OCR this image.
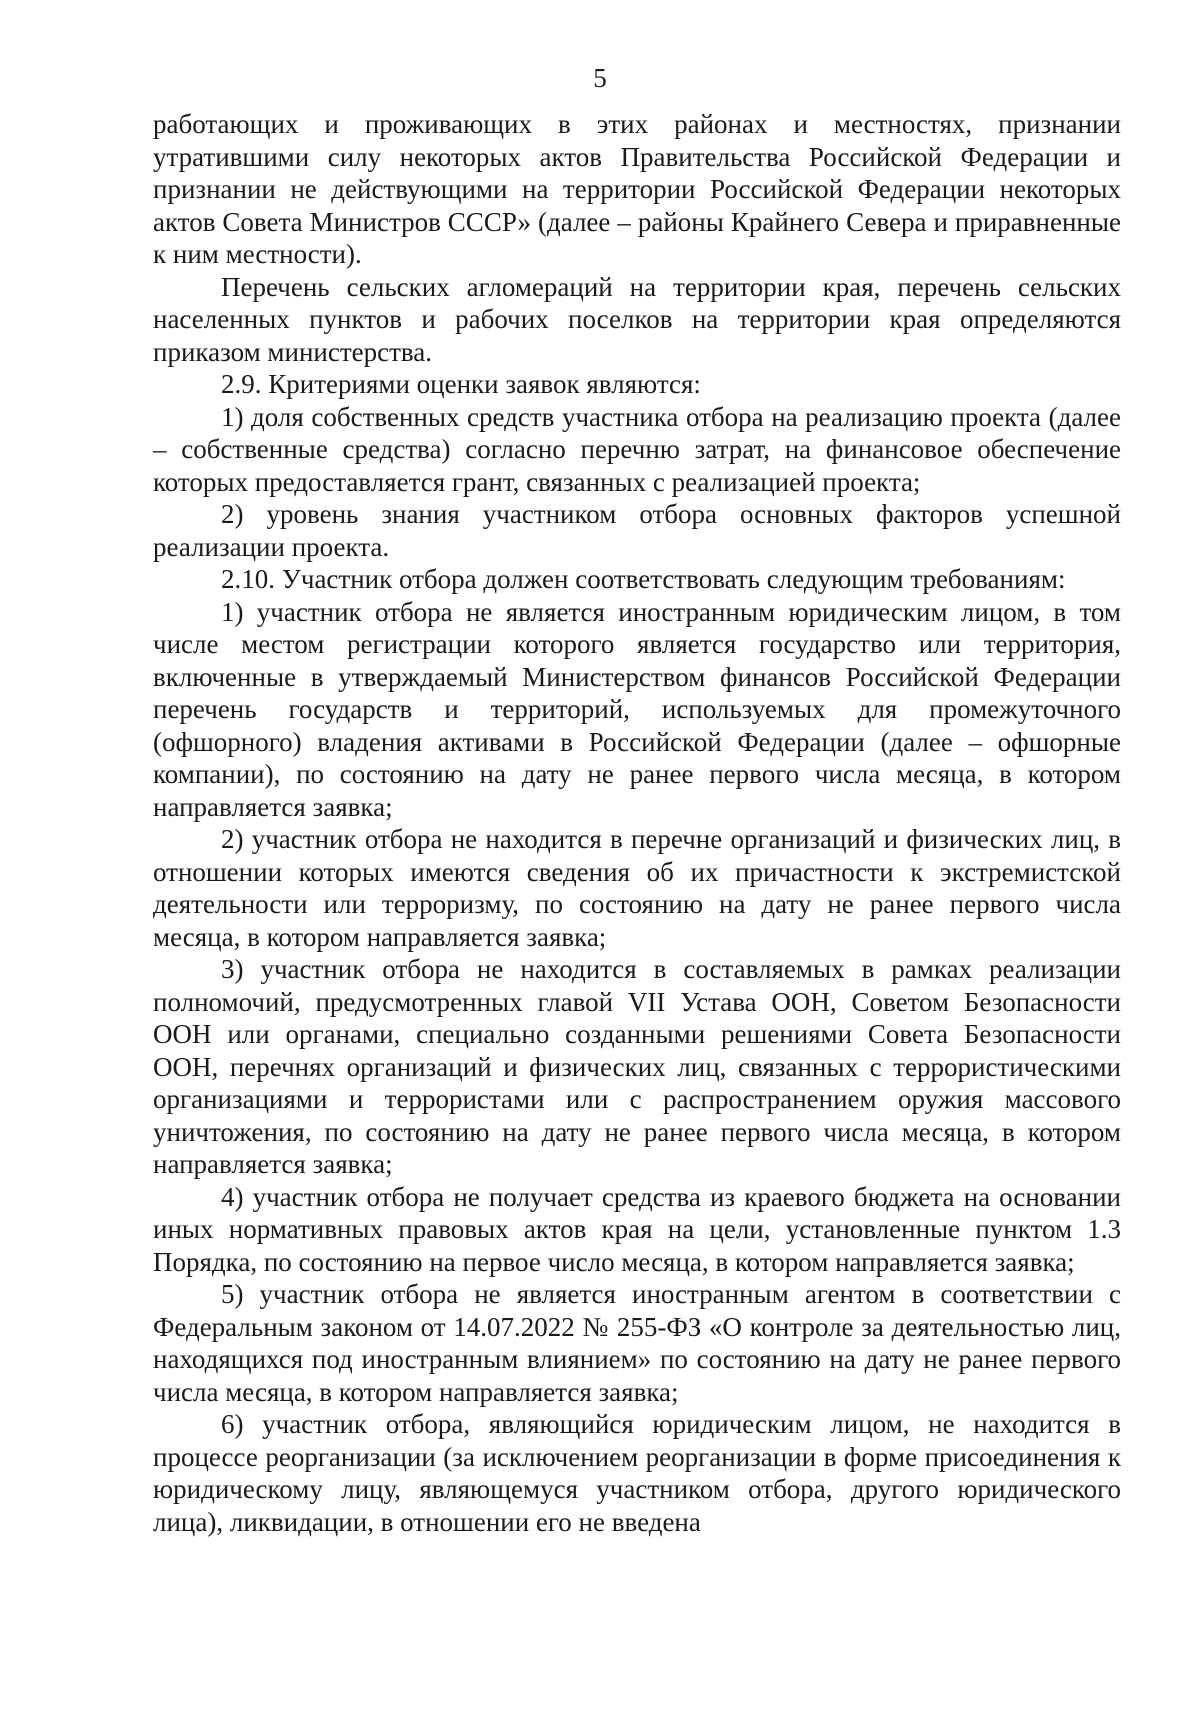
5

работающих и проживающих в этих районах и местностях, признании утратившими силу некоторых актов Правительства Российской Федерации и признании не действующими на территории Российской Федерации некоторых актов Совета Министров СССР» (далее – районы Крайнего Севера и приравненные к ним местности).

Перечень сельских агломераций на территории края, перечень сельских населенных пунктов и рабочих поселков на территории края определяются приказом министерства.

2.9. Критериями оценки заявок являются:

1) доля собственных средств участника отбора на реализацию проекта (далее – собственные средства) согласно перечню затрат, на финансовое обеспечение которых предоставляется грант, связанных с реализацией проекта;

2) уровень знания участником отбора основных факторов успешной реализации проекта.

2.10. Участник отбора должен соответствовать следующим требованиям:

1) участник отбора не является иностранным юридическим лицом, в том числе местом регистрации которого является государство или территория, включенные в утверждаемый Министерством финансов Российской Федерации перечень государств и территорий, используемых для промежуточного (офшорного) владения активами в Российской Федерации (далее – офшорные компании), по состоянию на дату не ранее первого числа месяца, в котором направляется заявка;

2) участник отбора не находится в перечне организаций и физических лиц, в отношении которых имеются сведения об их причастности к экстремистской деятельности или терроризму, по состоянию на дату не ранее первого числа месяца, в котором направляется заявка;

3) участник отбора не находится в составляемых в рамках реализации полномочий, предусмотренных главой VII Устава ООН, Советом Безопасности ООН или органами, специально созданными решениями Совета Безопасности ООН, перечнях организаций и физических лиц, связанных с террористическими организациями и террористами или с распространением оружия массового уничтожения, по состоянию на дату не ранее первого числа месяца, в котором направляется заявка;

4) участник отбора не получает средства из краевого бюджета на основании иных нормативных правовых актов края на цели, установленные пунктом 1.3 Порядка, по состоянию на первое число месяца, в котором направляется заявка;

5) участник отбора не является иностранным агентом в соответствии с Федеральным законом от 14.07.2022 № 255-ФЗ «О контроле за деятельностью лиц, находящихся под иностранным влиянием» по состоянию на дату не ранее первого числа месяца, в котором направляется заявка;

6) участник отбора, являющийся юридическим лицом, не находится в процессе реорганизации (за исключением реорганизации в форме присоединения к юридическому лицу, являющемуся участником отбора, другого юридического лица), ликвидации, в отношении его не введена
